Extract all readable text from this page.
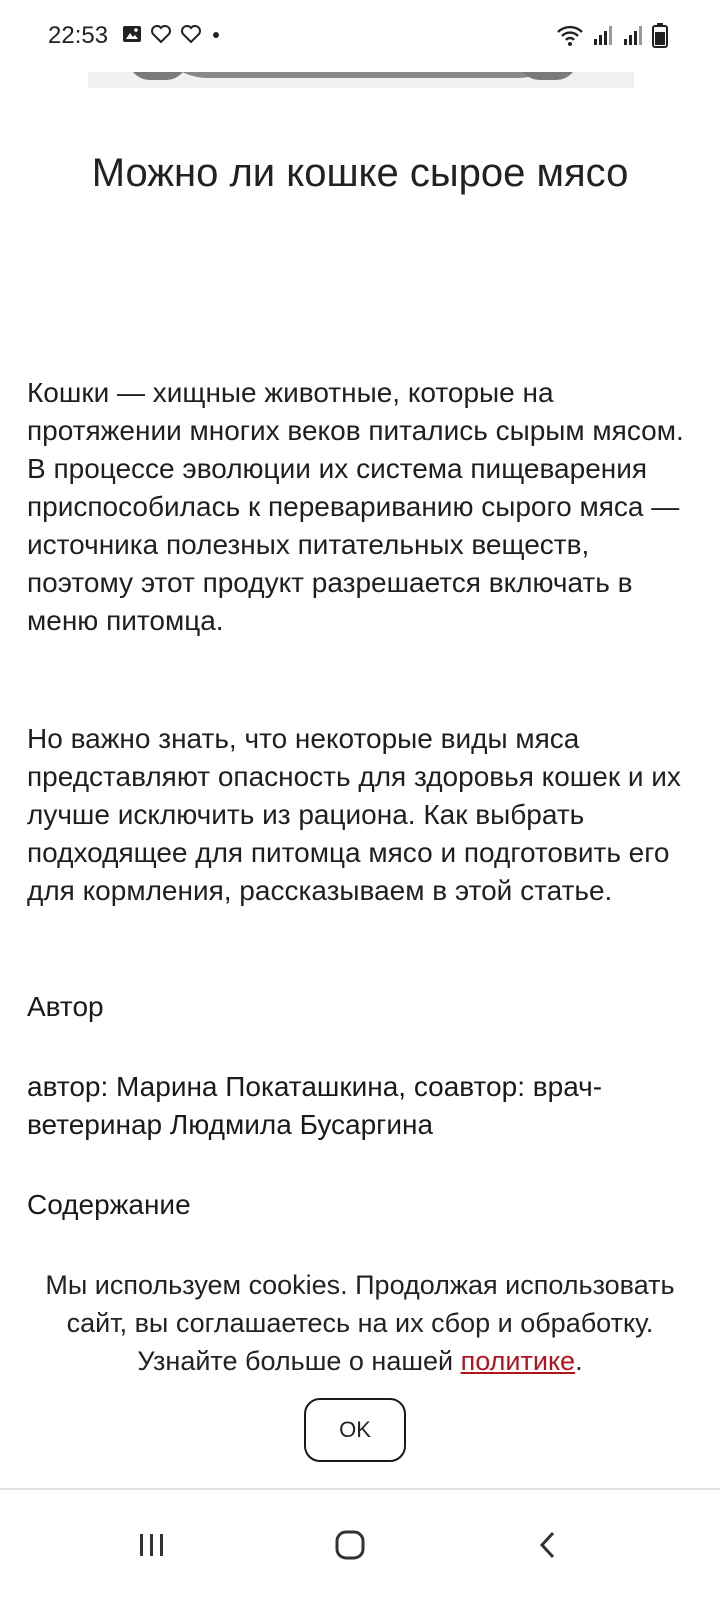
22:53
Можно ли кошке сырое мясо
Кошки — хищные животные, которые на протяжении многих веков питались сырым мясом. В процессе эволюции их система пищеварения приспособилась к перевариванию сырого мяса — источника полезных питательных веществ, поэтому этот продукт разрешается включать в меню питомца.
Но важно знать, что некоторые виды мяса представляют опасность для здоровья кошек и их лучше исключить из рациона. Как выбрать подходящее для питомца мясо и подготовить его для кормления, рассказываем в этой статье.
Автор
автор: Марина Покаташкина, соавтор: врач-ветеринар Людмила Бусаргина
Содержание
Мы используем cookies. Продолжая использовать сайт, вы соглашаетесь на их сбор и обработку. Узнайте больше о нашей политике.
OK
